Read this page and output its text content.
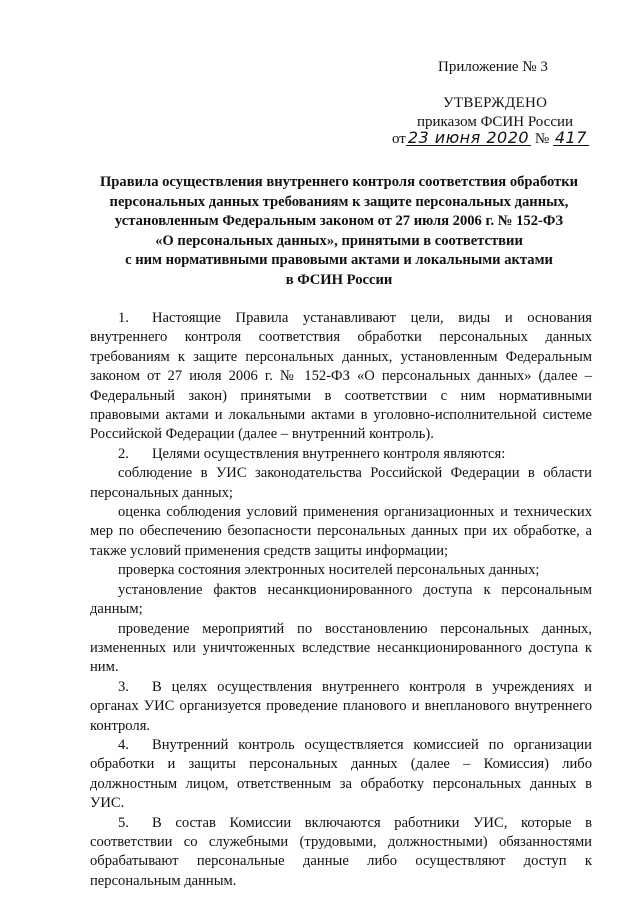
Приложение № 3
УТВЕРЖДЕНО
приказом ФСИН России
от 23 июня 2020 № 417
Правила осуществления внутреннего контроля соответствия обработки
персональных данных требованиям к защите персональных данных,
установленным Федеральным законом от 27 июля 2006 г. № 152-ФЗ
«О персональных данных», принятыми в соответствии
с ним нормативными правовыми актами и локальными актами
в ФСИН России

1. Настоящие Правила устанавливают цели, виды и основания внутреннего контроля соответствия обработки персональных данных требованиям к защите персональных данных, установленным Федеральным законом от 27 июля 2006 г. № 152-ФЗ «О персональных данных» (далее – Федеральный закон) принятыми в соответствии с ним нормативными правовыми актами и локальными актами в уголовно-исполнительной системе Российской Федерации (далее – внутренний контроль).

2. Целями осуществления внутреннего контроля являются:

соблюдение в УИС законодательства Российской Федерации в области персональных данных;

оценка соблюдения условий применения организационных и технических мер по обеспечению безопасности персональных данных при их обработке, а также условий применения средств защиты информации;

проверка состояния электронных носителей персональных данных;

установление фактов несанкционированного доступа к персональным данным;

проведение мероприятий по восстановлению персональных данных, измененных или уничтоженных вследствие несанкционированного доступа к ним.

3. В целях осуществления внутреннего контроля в учреждениях и органах УИС организуется проведение планового и внепланового внутреннего контроля.

4. Внутренний контроль осуществляется комиссией по организации обработки и защиты персональных данных (далее – Комиссия) либо должностным лицом, ответственным за обработку персональных данных в УИС.

5. В состав Комиссии включаются работники УИС, которые в соответствии со служебными (трудовыми, должностными) обязанностями обрабатывают персональные данные либо осуществляют доступ к персональным данным.
